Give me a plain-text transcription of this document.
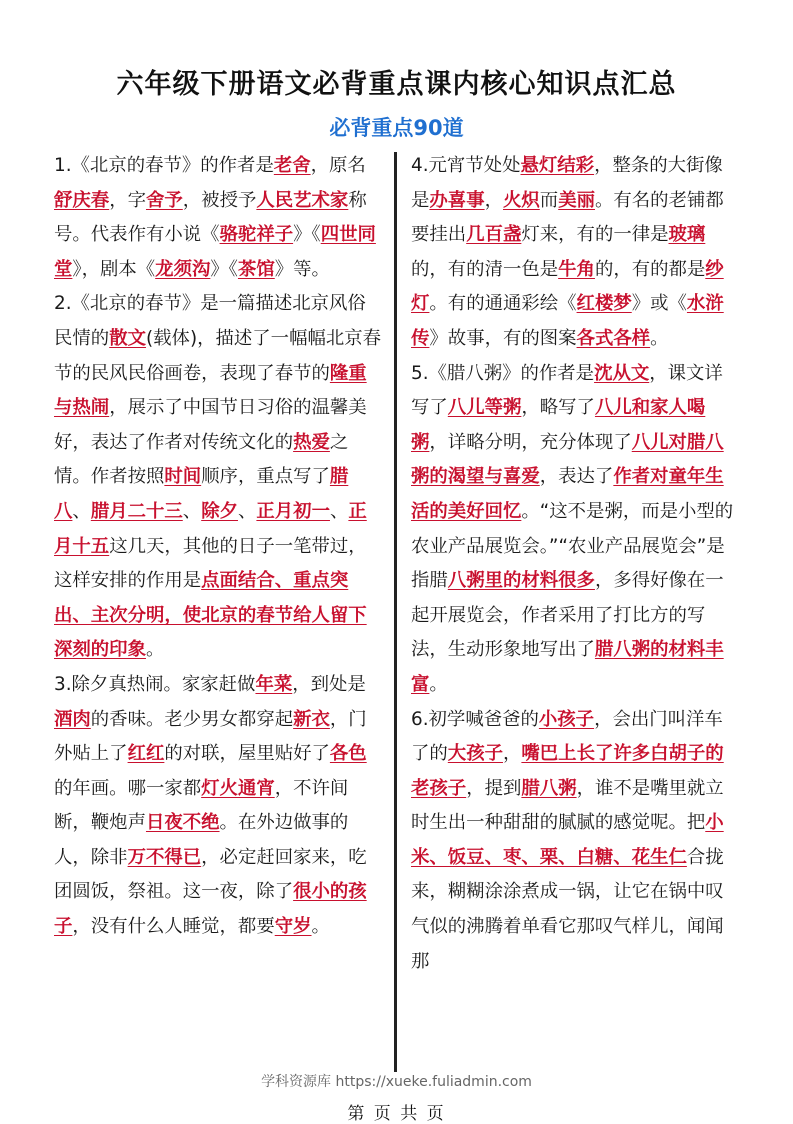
六年级下册语文必背重点课内核心知识点汇总
必背重点90道

1.《北京的春节》的作者是老舍，原名舒庆春，字舍予，被授予人民艺术家称号。代表作有小说《骆驼祥子》《四世同堂》，剧本《龙须沟》《茶馆》等。

2.《北京的春节》是一篇描述北京风俗民情的散文(载体)，描述了一幅幅北京春节的民风民俗画卷，表现了春节的隆重与热闹，展示了中国节日习俗的温馨美好，表达了作者对传统文化的热爱之情。作者按照时间顺序，重点写了腊八、腊月二十三、除夕、正月初一、正月十五这几天，其他的日子一笔带过，这样安排的作用是点面结合、重点突出、主次分明，使北京的春节给人留下深刻的印象。

3.除夕真热闹。家家赶做年菜，到处是酒肉的香味。老少男女都穿起新衣，门外贴上了红红的对联，屋里贴好了各色的年画。哪一家都灯火通宵，不许间断，鞭炮声日夜不绝。在外边做事的人，除非万不得已，必定赶回家来，吃团圆饭，祭祖。这一夜，除了很小的孩子，没有什么人睡觉，都要守岁。

4.元宵节处处悬灯结彩，整条的大街像是办喜事，火炽而美丽。有名的老铺都要挂出几百盏灯来，有的一律是玻璃的，有的清一色是牛角的，有的都是纱灯。有的通通彩绘《红楼梦》或《水浒传》故事，有的图案各式各样。

5.《腊八粥》的作者是沈从文，课文详写了八儿等粥，略写了八儿和家人喝粥，详略分明，充分体现了八儿对腊八粥的渴望与喜爱，表达了作者对童年生活的美好回忆。“这不是粥，而是小型的农业产品展览会。”“农业产品展览会”是指腊八粥里的材料很多，多得好像在一起开展览会，作者采用了打比方的写法，生动形象地写出了腊八粥的材料丰富。

6.初学喊爸爸的小孩子，会出门叫洋车了的大孩子，嘴巴上长了许多白胡子的老孩子，提到腊八粥，谁不是嘴里就立时生出一种甜甜的腻腻的感觉呢。把小米、饭豆、枣、栗、白糖、花生仁合拢来，糊糊涂涂煮成一锅，让它在锅中叹气似的沸腾着单看它那叹气样儿，闻闻那

学科资源库 https://xueke.fuliadmin.com
第 页 共 页
